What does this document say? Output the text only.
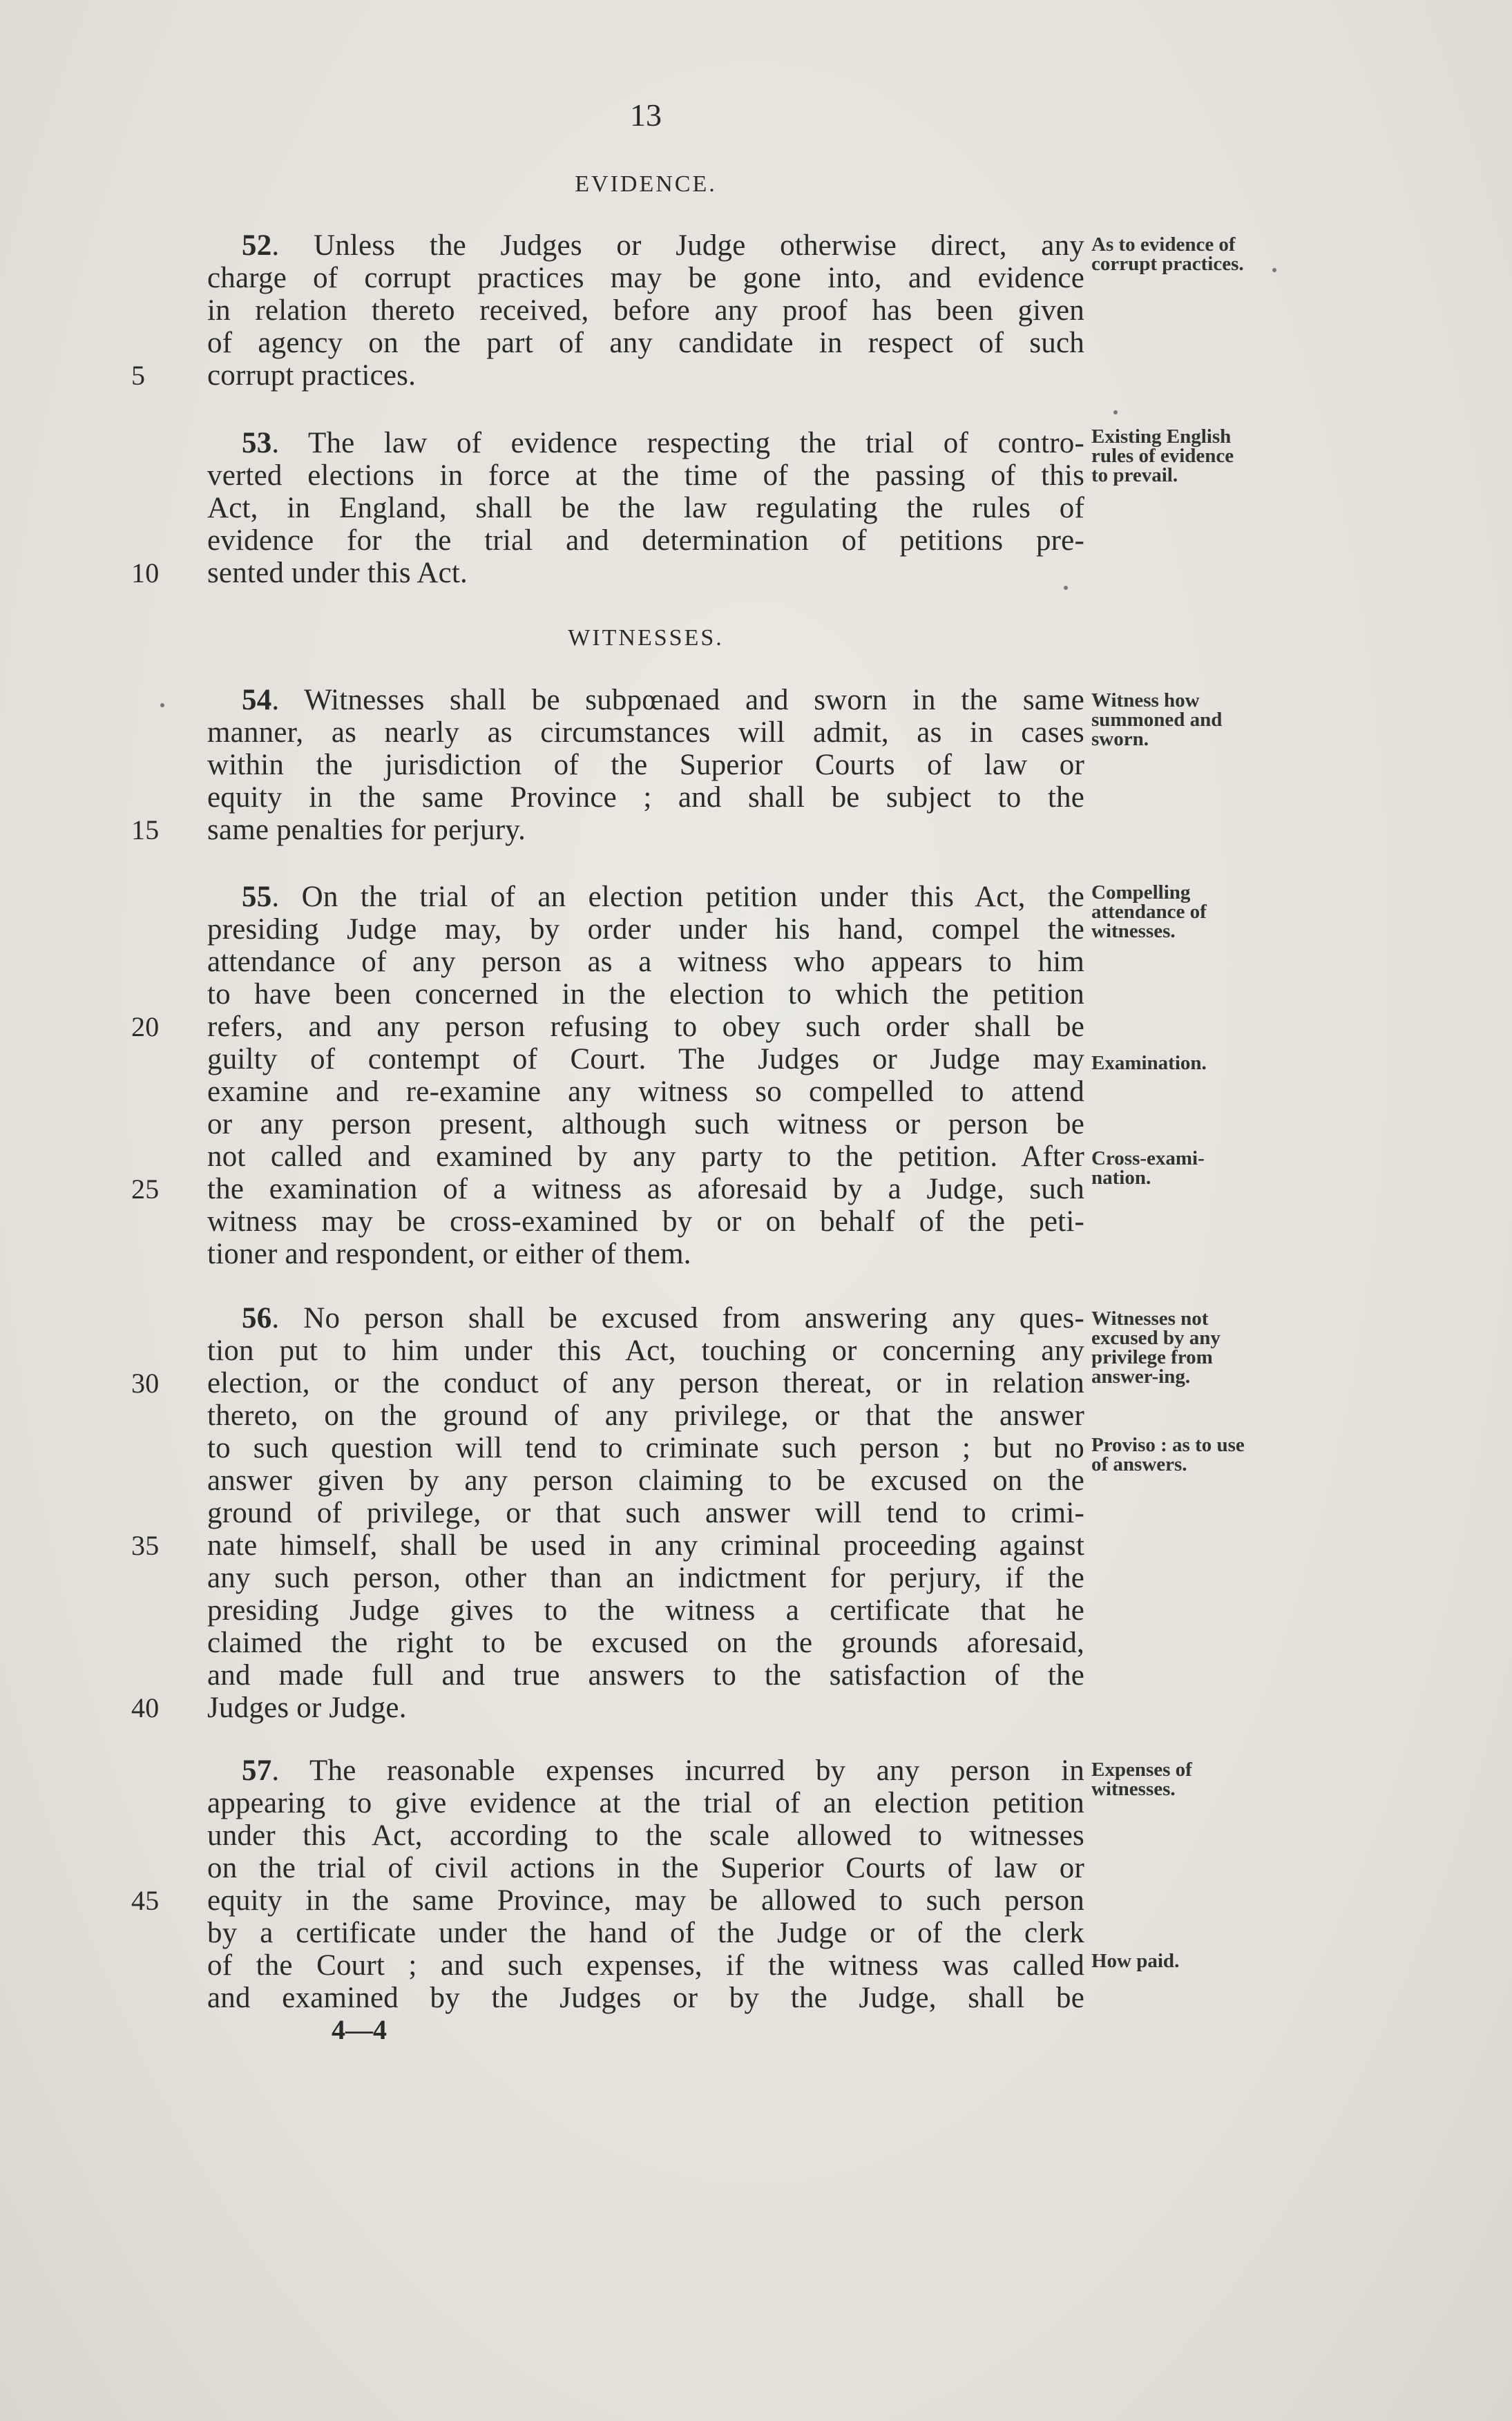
13
EVIDENCE.
52. Unless the Judges or Judge otherwise direct, any
charge of corrupt practices may be gone into, and evidence
in relation thereto received, before any proof has been given
of agency on the part of any candidate in respect of such
5	corrupt practices.
As to evidence of corrupt practices.
53. The law of evidence respecting the trial of contro-
verted elections in force at the time of the passing of this
Act, in England, shall be the law regulating the rules of
evidence for the trial and determination of petitions pre-
10	sented under this Act.
Existing English rules of evidence to prevail.
WITNESSES.
54. Witnesses shall be subpœnaed and sworn in the same
manner, as nearly as circumstances will admit, as in cases
within the jurisdiction of the Superior Courts of law or
equity in the same Province ; and shall be subject to the
15	same penalties for perjury.
Witness how summoned and sworn.
55. On the trial of an election petition under this Act, the
presiding Judge may, by order under his hand, compel the
attendance of any person as a witness who appears to him
to have been concerned in the election to which the petition
20	refers, and any person refusing to obey such order shall be
guilty of contempt of Court. The Judges or Judge may
examine and re-examine any witness so compelled to attend
or any person present, although such witness or person be
not called and examined by any party to the petition. After
25	the examination of a witness as aforesaid by a Judge, such
witness may be cross-examined by or on behalf of the peti-
tioner and respondent, or either of them.
Compelling attendance of witnesses.
Examination.
Cross-exami-nation.
56. No person shall be excused from answering any ques-
tion put to him under this Act, touching or concerning any
30	election, or the conduct of any person thereat, or in relation
thereto, on the ground of any privilege, or that the answer
to such question will tend to criminate such person ; but no
answer given by any person claiming to be excused on the
ground of privilege, or that such answer will tend to crimi-
35	nate himself, shall be used in any criminal proceeding against
any such person, other than an indictment for perjury, if the
presiding Judge gives to the witness a certificate that he
claimed the right to be excused on the grounds aforesaid,
and made full and true answers to the satisfaction of the
40	Judges or Judge.
Witnesses not excused by any privilege from answer-ing.
Proviso : as to use of answers.
57. The reasonable expenses incurred by any person in
appearing to give evidence at the trial of an election petition
under this Act, according to the scale allowed to witnesses
on the trial of civil actions in the Superior Courts of law or
45	equity in the same Province, may be allowed to such person
by a certificate under the hand of the Judge or of the clerk
of the Court ; and such expenses, if the witness was called
and examined by the Judges or by the Judge, shall be
Expenses of witnesses.
How paid.
4—4
